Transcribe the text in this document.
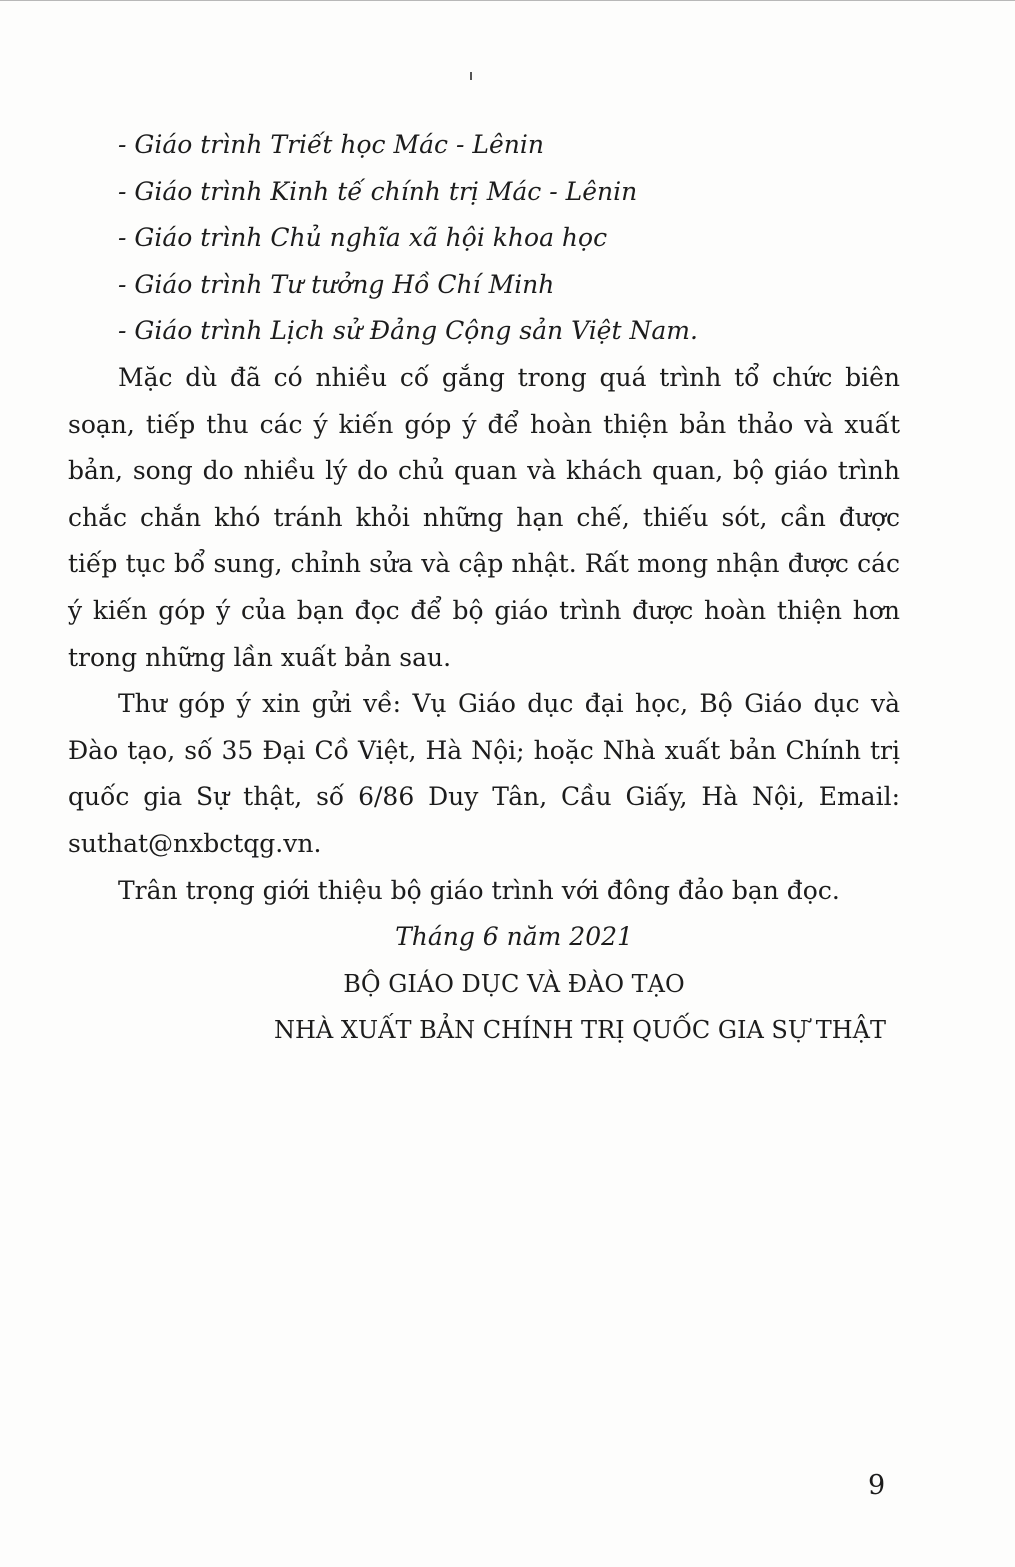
- Giáo trình Triết học Mác - Lênin
- Giáo trình Kinh tế chính trị Mác - Lênin
- Giáo trình Chủ nghĩa xã hội khoa học
- Giáo trình Tư tưởng Hồ Chí Minh
- Giáo trình Lịch sử Đảng Cộng sản Việt Nam.

Mặc dù đã có nhiều cố gắng trong quá trình tổ chức biên soạn, tiếp thu các ý kiến góp ý để hoàn thiện bản thảo và xuất bản, song do nhiều lý do chủ quan và khách quan, bộ giáo trình chắc chắn khó tránh khỏi những hạn chế, thiếu sót, cần được tiếp tục bổ sung, chỉnh sửa và cập nhật. Rất mong nhận được các ý kiến góp ý của bạn đọc để bộ giáo trình được hoàn thiện hơn trong những lần xuất bản sau.

Thư góp ý xin gửi về: Vụ Giáo dục đại học, Bộ Giáo dục và Đào tạo, số 35 Đại Cồ Việt, Hà Nội; hoặc Nhà xuất bản Chính trị quốc gia Sự thật, số 6/86 Duy Tân, Cầu Giấy, Hà Nội, Email: suthat@nxbctqg.vn.

Trân trọng giới thiệu bộ giáo trình với đông đảo bạn đọc.

Tháng 6 năm 2021
BỘ GIÁO DỤC VÀ ĐÀO TẠO
NHÀ XUẤT BẢN CHÍNH TRỊ QUỐC GIA SỰ THẬT
9
